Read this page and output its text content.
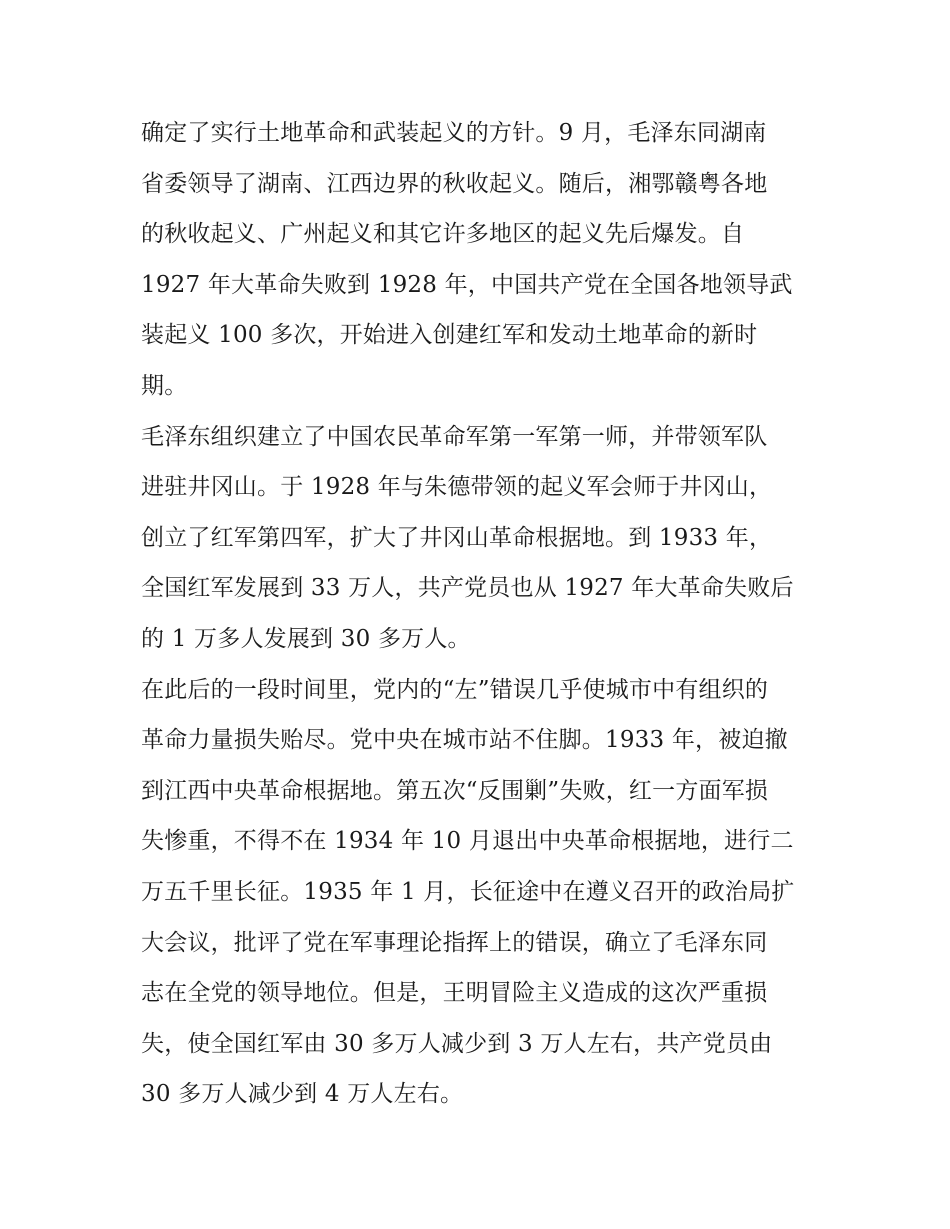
确定了实行土地革命和武装起义的方针。9 月，毛泽东同湖南
省委领导了湖南、江西边界的秋收起义。随后，湘鄂赣粤各地
的秋收起义、广州起义和其它许多地区的起义先后爆发。自
1927 年大革命失败到 1928 年，中国共产党在全国各地领导武
装起义 100 多次，开始进入创建红军和发动土地革命的新时
期。
毛泽东组织建立了中国农民革命军第一军第一师，并带领军队
进驻井冈山。于 1928 年与朱德带领的起义军会师于井冈山，
创立了红军第四军，扩大了井冈山革命根据地。到 1933 年，
全国红军发展到 33 万人，共产党员也从 1927 年大革命失败后
的 1 万多人发展到 30 多万人。
在此后的一段时间里，党内的“左”错误几乎使城市中有组织的
革命力量损失贻尽。党中央在城市站不住脚。1933 年，被迫撤
到江西中央革命根据地。第五次“反围剿”失败，红一方面军损
失惨重，不得不在 1934 年 10 月退出中央革命根据地，进行二
万五千里长征。1935 年 1 月，长征途中在遵义召开的政治局扩
大会议，批评了党在军事理论指挥上的错误，确立了毛泽东同
志在全党的领导地位。但是，王明冒险主义造成的这次严重损
失，使全国红军由 30 多万人减少到 3 万人左右，共产党员由
30 多万人减少到 4 万人左右。
